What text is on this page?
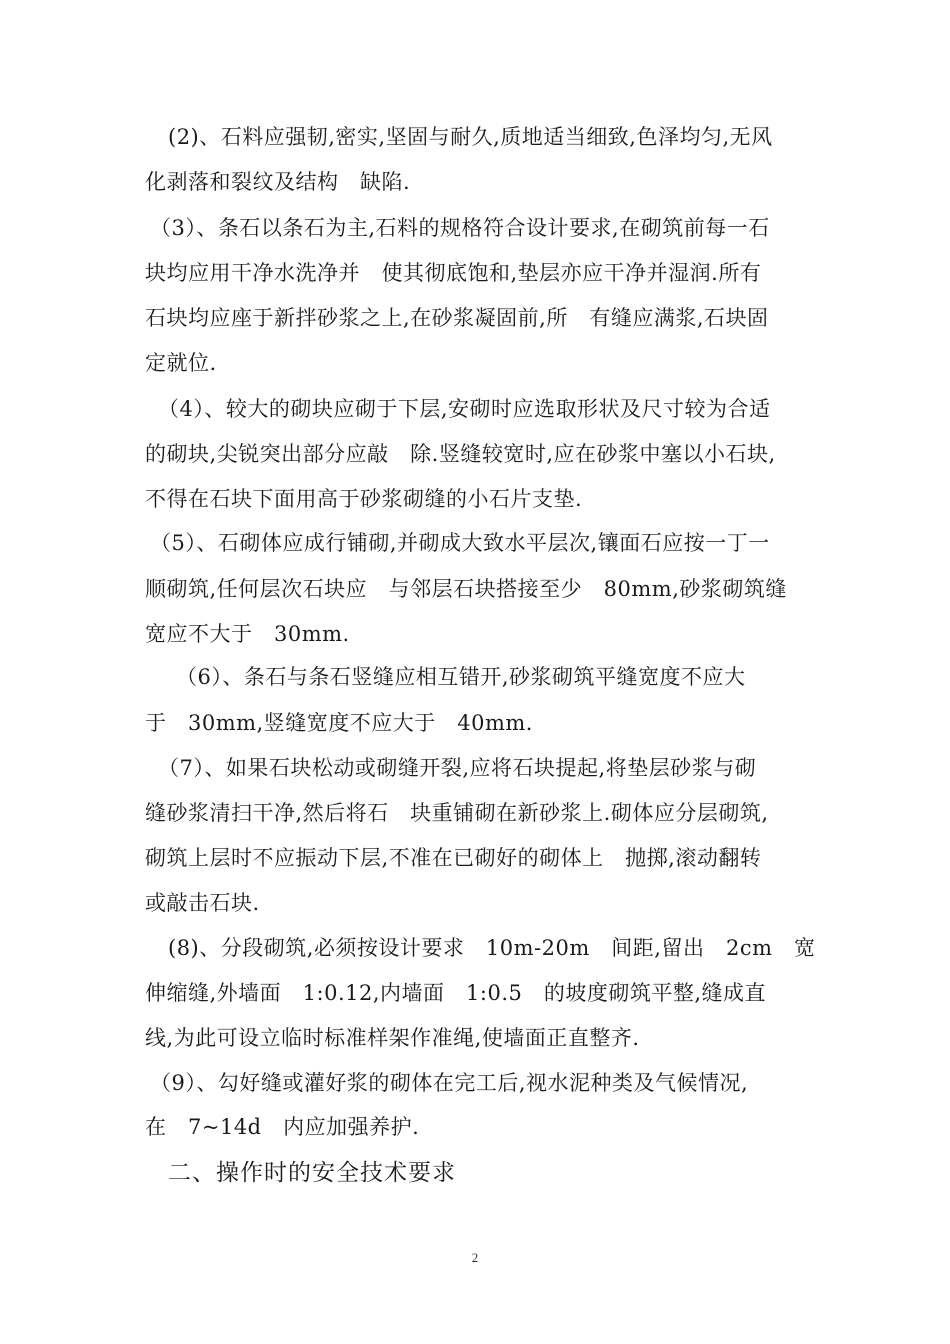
(2)、石料应强韧,密实,坚固与耐久,质地适当细致,色泽均匀,无风
化剥落和裂纹及结构　缺陷.
（3）、条石以条石为主,石料的规格符合设计要求,在砌筑前每一石
块均应用干净水洗净并　使其彻底饱和,垫层亦应干净并湿润.所有
石块均应座于新拌砂浆之上,在砂浆凝固前,所　有缝应满浆,石块固
定就位.
（4）、较大的砌块应砌于下层,安砌时应选取形状及尺寸较为合适
的砌块,尖锐突出部分应敲　除.竖缝较宽时,应在砂浆中塞以小石块,
不得在石块下面用高于砂浆砌缝的小石片支垫.
（5）、石砌体应成行铺砌,并砌成大致水平层次,镶面石应按一丁一
顺砌筑,任何层次石块应　与邻层石块搭接至少　80mm,砂浆砌筑缝
宽应不大于　30mm.
（6）、条石与条石竖缝应相互错开,砂浆砌筑平缝宽度不应大
于　30mm,竖缝宽度不应大于　40mm.
（7）、如果石块松动或砌缝开裂,应将石块提起,将垫层砂浆与砌
缝砂浆清扫干净,然后将石　块重铺砌在新砂浆上.砌体应分层砌筑,
砌筑上层时不应振动下层,不准在已砌好的砌体上　抛掷,滚动翻转
或敲击石块.
(8)、分段砌筑,必须按设计要求　10m-20m　间距,留出　2cm　宽
伸缩缝,外墙面　1:0.12,内墙面　1:0.5　的坡度砌筑平整,缝成直
线,为此可设立临时标准样架作准绳,使墙面正直整齐.
（9）、勾好缝或灌好浆的砌体在完工后,视水泥种类及气候情况,
在　7~14d　内应加强养护.
二、操作时的安全技术要求
2
